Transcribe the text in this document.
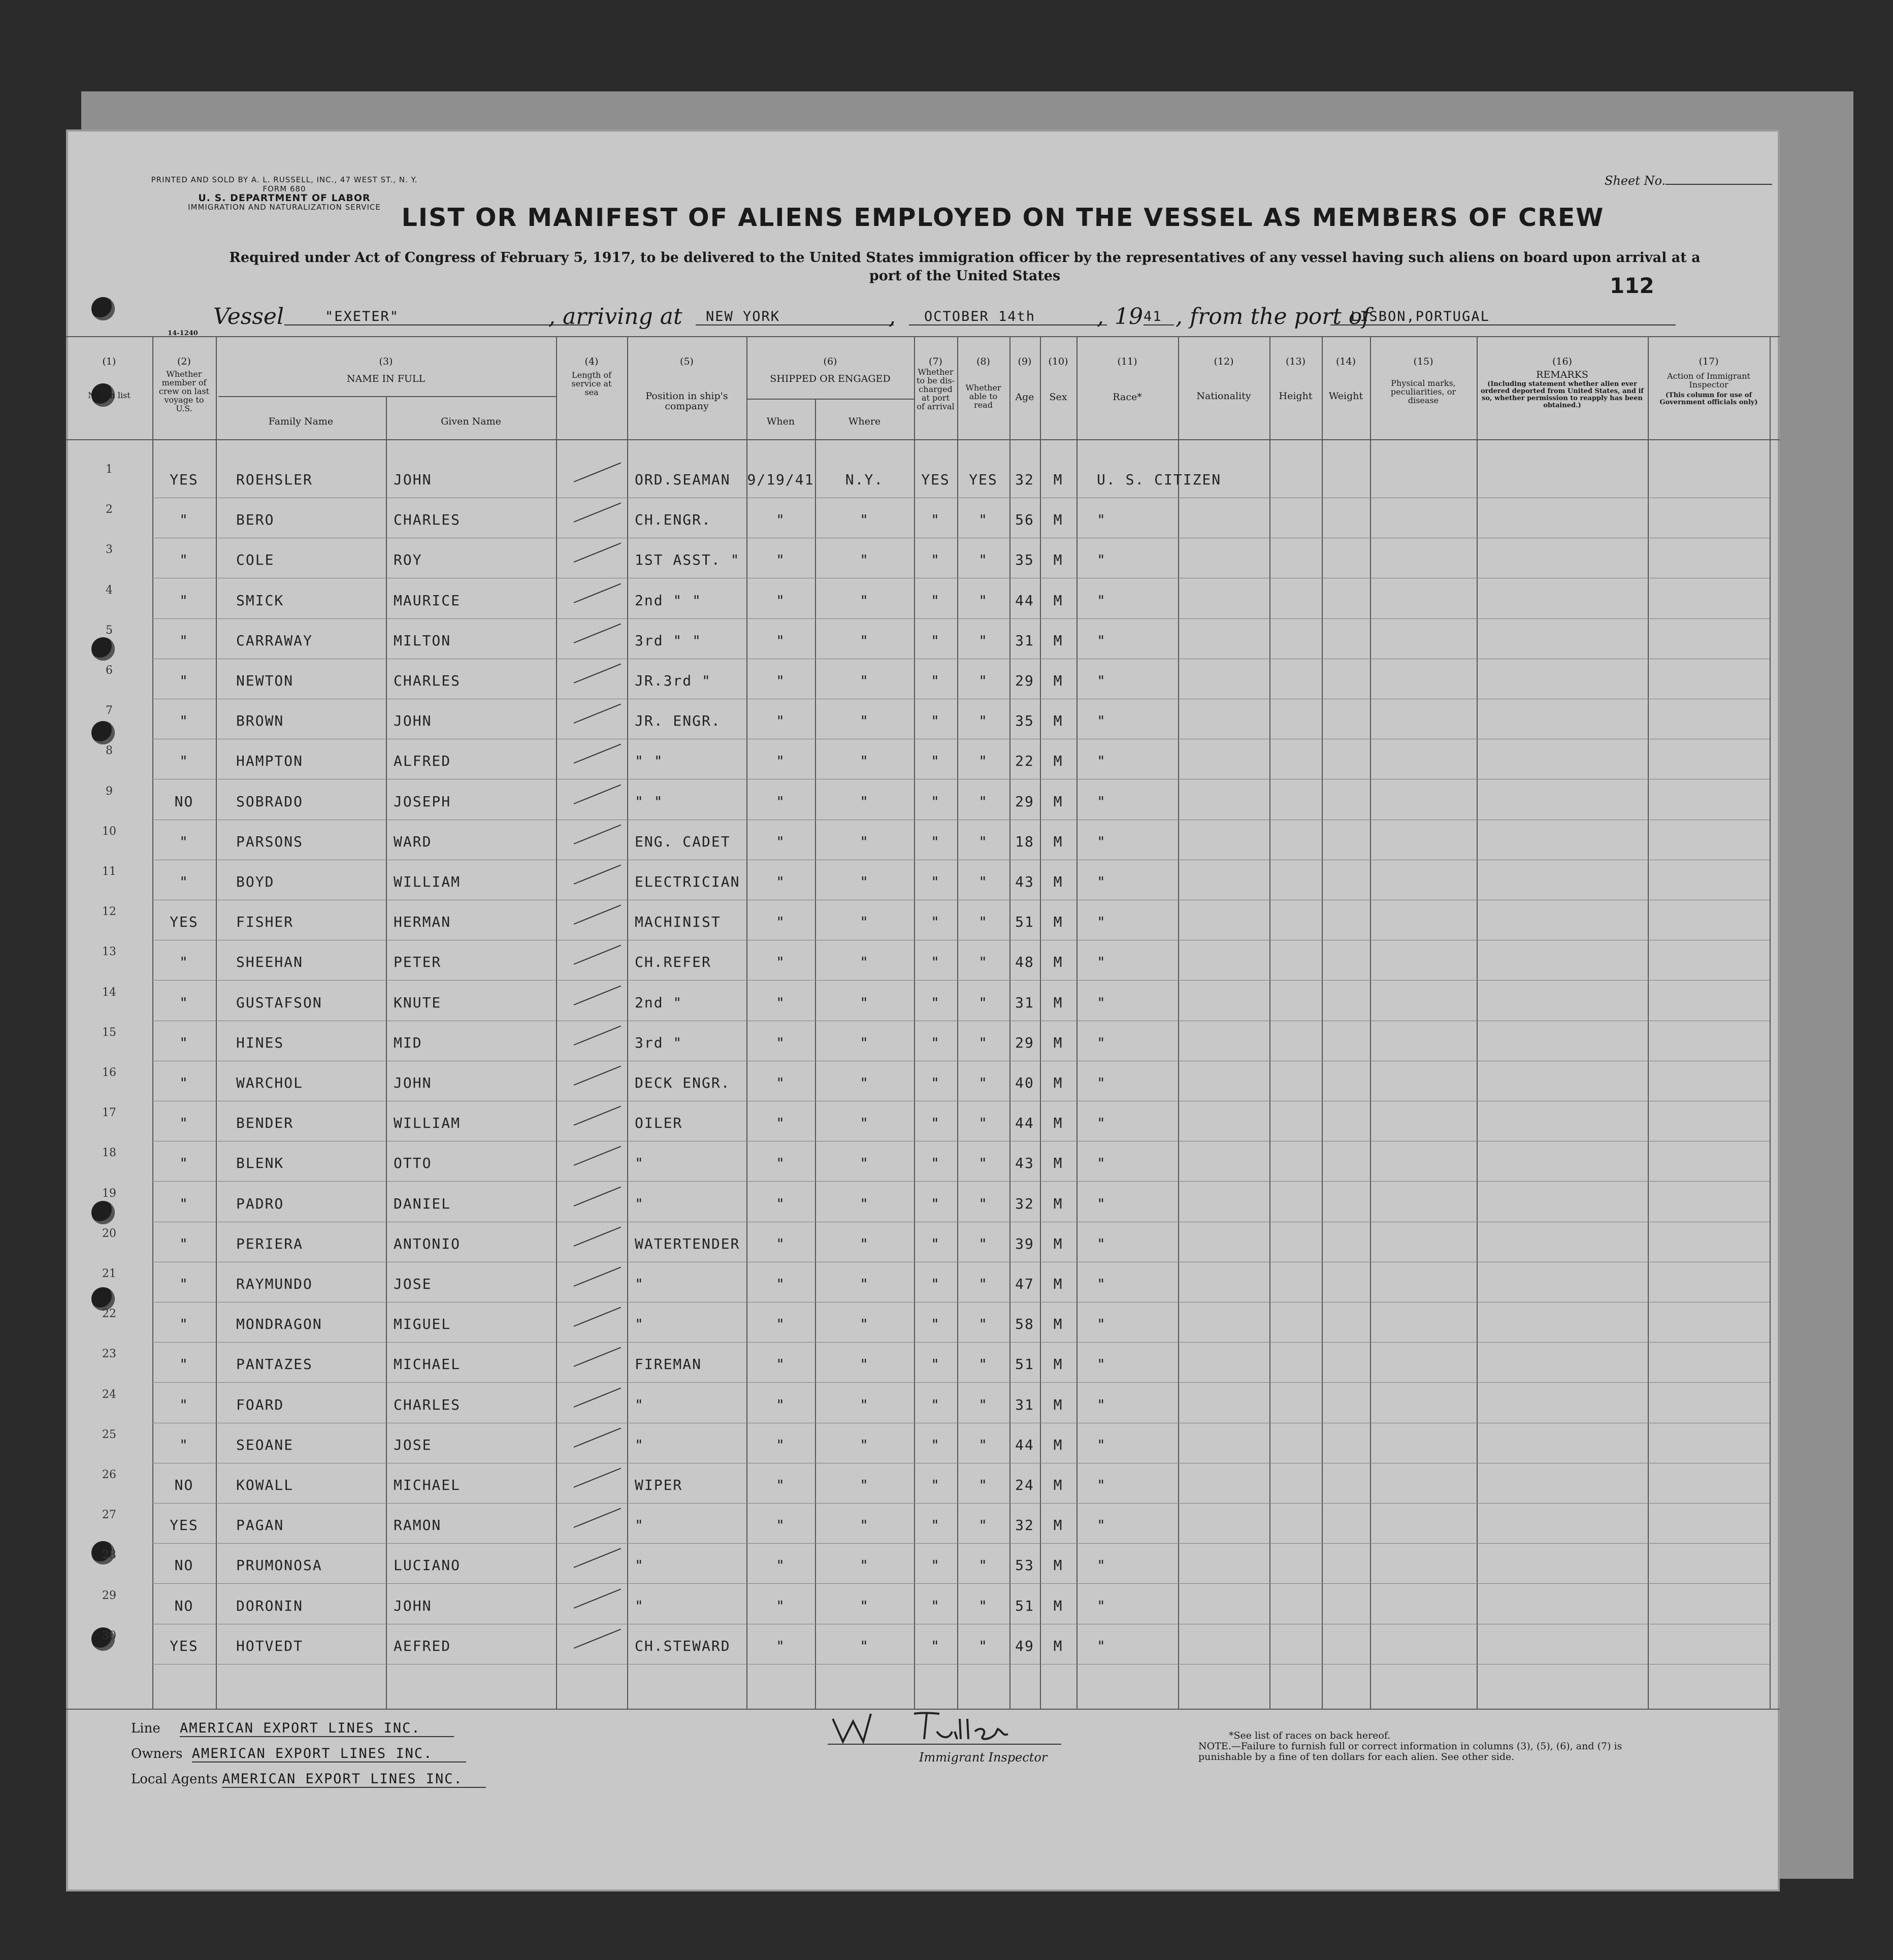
PRINTED AND SOLD BY A. L. RUSSELL, INC., 47 WEST ST., N. Y.
FORM 680
U. S. DEPARTMENT OF LABOR
IMMIGRATION AND NATURALIZATION SERVICE
Sheet No.
LIST OR MANIFEST OF ALIENS EMPLOYED ON THE VESSEL AS MEMBERS OF CREW
Required under Act of Congress of February 5, 1917, to be delivered to the United States immigration officer by the representatives of any vessel having such aliens on board upon arrival at a port of the United States	112
Vessel	"EXETER"	, arriving at	NEW YORK	,	OCTOBER 14th	, 19 41 , from the port of
LISBON,PORTUGAL
14-1240
(1)
No. on list
(2)
Whether member of crew on last voyage to U.S.
(3)
NAME IN FULL
Family Name	Given Name
(4)
Length of service at sea
(5)
Position in ship's company
(6)
SHIPPED OR ENGAGED
When	Where
(7)
Whether to be dis-charged at port of arrival
(8)
Whether able to read
(9)
Age
(10)
Sex
(11)
Race*
(12)
Nationality
(13)
Height
(14)
Weight
(15)
Physical marks, peculiarities, or disease
(16)
REMARKS
(Including statement whether alien ever ordered deported from United States, and if so, whether permission to reapply has been obtained.)
(17)
Action of Immigrant Inspector
(This column for use of Government officials only)
1
YES	ROEHSLER	JOHN	ORD.SEAMAN 9/19/41	N.Y.	YES	YES	32	M	U. S. CITIZEN
2
"	BERO	CHARLES	CH.ENGR.	"	"	"	"	56	M	"
3
"	COLE	ROY	1ST ASST. "	"	"	"	"	35	M	"
4
"	SMICK	MAURICE	2nd " "	"	"	"	"	44	M	"
5
"	CARRAWAY	MILTON	3rd " "	"	"	"	"	31	M	"
6
"	NEWTON	CHARLES	JR.3rd "	"	"	"	"	29	M	"
7
"	BROWN	JOHN	JR. ENGR.	"	"	"	"	35	M	"
8
"	HAMPTON	ALFRED	" "	"	"	"	"	22	M	"
9
NO	SOBRADO	JOSEPH	" "	"	"	"	"	29	M	"
10
"	PARSONS	WARD	ENG. CADET	"	"	"	"	18	M	"
11
"	BOYD	WILLIAM	ELECTRICIAN	"	"	"	"	43	M	"
12
YES	FISHER	HERMAN	MACHINIST	"	"	"	"	51	M	"
13
"	SHEEHAN	PETER	CH.REFER	"	"	"	"	48	M	"
14
"	GUSTAFSON	KNUTE	2nd "	"	"	"	"	31	M	"
15
"	HINES	MID	3rd "	"	"	"	"	29	M	"
16
"	WARCHOL	JOHN	DECK ENGR.	"	"	"	"	40	M	"
17
"	BENDER	WILLIAM	OILER	"	"	"	"	44	M	"
18
"	BLENK	OTTO	"	"	"	"	"	43	M	"
19
"	PADRO	DANIEL	"	"	"	"	"	32	M	"
20
"	PERIERA	ANTONIO	WATERTENDER	"	"	"	"	39	M	"
21
"	RAYMUNDO	JOSE	"	"	"	"	"	47	M	"
22
"	MONDRAGON	MIGUEL	"	"	"	"	"	58	M	"
23
"	PANTAZES	MICHAEL	FIREMAN	"	"	"	"	51	M	"
24
"	FOARD	CHARLES	"	"	"	"	"	31	M	"
25
"	SEOANE	JOSE	"	"	"	"	"	44	M	"
26
NO	KOWALL	MICHAEL	WIPER	"	"	"	"	24	M	"
27
YES	PAGAN	RAMON	"	"	"	"	"	32	M	"
28
NO	PRUMONOSA	LUCIANO	"	"	"	"	"	53	M	"
29
NO	DORONIN	JOHN	"	"	"	"	"	51	M	"
30
YES	HOTVEDT	AEFRED	CH.STEWARD	"	"	"	"	49	M	"
Line AMERICAN EXPORT LINES INC.
Owners AMERICAN EXPORT LINES INC.
Local Agents AMERICAN EXPORT LINES INC.
Immigrant Inspector
*See list of races on back hereof.
NOTE.—Failure to furnish full or correct information in columns (3), (5), (6), and (7) is punishable by a fine of ten dollars for each alien. See other side.
